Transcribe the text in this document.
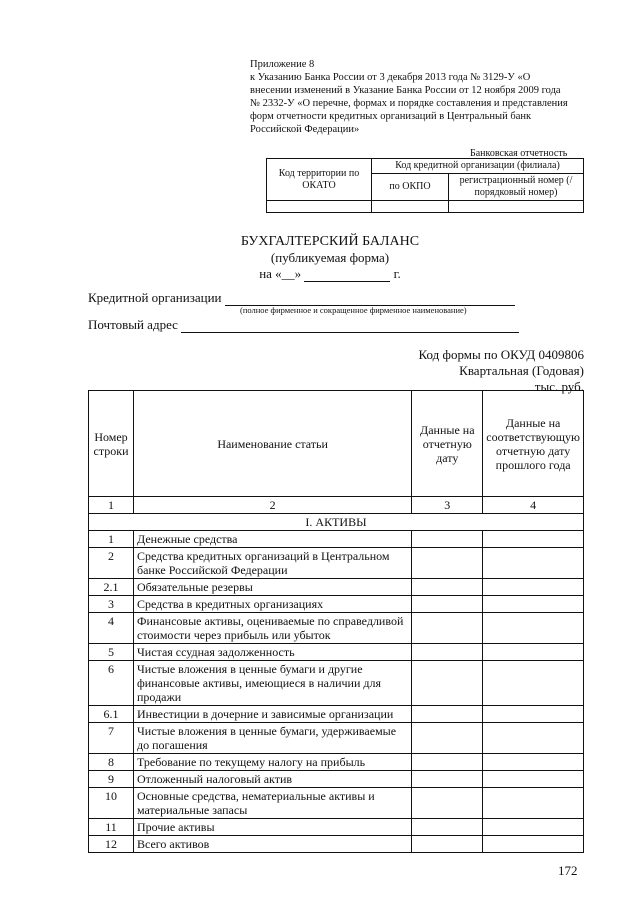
Приложение 8
к Указанию Банка России от 3 декабря 2013 года № 3129-У «О
внесении изменений в Указание Банка России от 12 ноября 2009 года
№ 2332-У «О перечне, формах и порядке составления и представления
форм отчетности кредитных организаций в Центральный банк
Российской Федерации»
Банковская отчетность
Код территории по ОКАТО	Код кредитной организации (филиала)	
	по ОКПО	регистрационный номер (/порядковый номер)

БУХГАЛТЕРСКИЙ БАЛАНС
(публикуемая форма)
на «__»	г.
Кредитной организации
(полное фирменное и сокращенное фирменное наименование)
Почтовый адрес
Код формы по ОКУД 0409806
Квартальная (Годовая)
тыс. руб.
Номер строки	Наименование статьи	Данные на отчетную дату	Данные на соответствующую отчетную дату прошлого года
1	2	3	4
I. АКТИВЫ			
1	Денежные средства		
2	Средства кредитных организаций в Центральном банке Российской Федерации		
2.1	Обязательные резервы		
3	Средства в кредитных организациях		
4	Финансовые активы, оцениваемые по справедливой стоимости через прибыль или убыток		
5	Чистая ссудная задолженность		
6	Чистые вложения в ценные бумаги и другие финансовые активы, имеющиеся в наличии для продажи		
6.1	Инвестиции в дочерние и зависимые организации		
7	Чистые вложения в ценные бумаги, удерживаемые до погашения		
8	Требование по текущему налогу на прибыль		
9	Отложенный налоговый актив		
10	Основные средства, нематериальные активы и материальные запасы		
11	Прочие активы		
12	Всего активов		
172
